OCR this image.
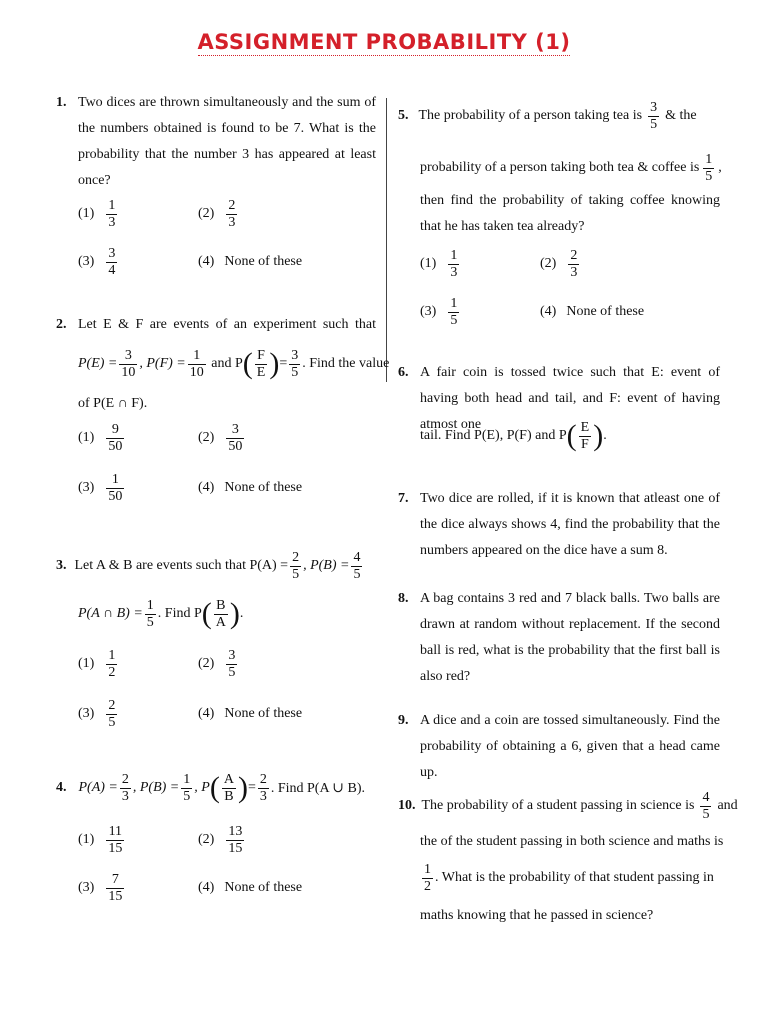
ASSIGNMENT PROBABILITY (1)
1. Two dices are thrown simultaneously and the sum of the numbers obtained is found to be 7. What is the probability that the number 3 has appeared at least once?
$(1) \frac{1}{3}$	$(2) \frac{2}{3}$
$(3) \frac{3}{4}$	(4) None of these
2. Let E & F are events of an experiment such that
$P(E) = \frac{3}{10}$ , $P(F) = \frac{1}{10}$
and P ( $\frac{F}{E}$ ) = $\frac{3}{5}$ . Find the value
of P(E ∩ F).
$(1) \frac{9}{50}$	$(2) \frac{3}{50}$
$(3) \frac{1}{50}$	(4) None of these
3. Let A & B are events such that $P(A) = \frac{2}{5}$ , $P(B) = \frac{4}{5}$
P(A ∩ $B) = \frac{1}{5}$ . Find P ( $\frac{B}{A}$ ) .
$(1) \frac{1}{2}$	$(2) \frac{3}{5}$
$(3) \frac{2}{5}$	(4) None of these
4. $P(A) = \frac{2}{3}$ , $P(B) = \frac{1}{5}$ , P ( $\frac{A}{B}$ ) = $\frac{2}{3}$ . Find P(A ∪ B).
$(1) \frac{11}{15}$	$(2) \frac{13}{15}$
$(3) \frac{7}{15}$	(4) None of these
5. The probability of a person taking tea is $\frac{3}{5}$ & the
probability of a person taking both tea & coffee is $\frac{1}{5}$ ,
then find the probability of taking coffee knowing that he has taken tea already?
$(1) \frac{1}{3}$	$(2) \frac{2}{3}$
$(3) \frac{1}{5}$	(4) None of these
6. A fair coin is tossed twice such that E: event of having both head and tail, and F: event of having atmost one
tail. Find P(E), P(F) and P ( $\frac{E}{F}$ ) .
7. Two dice are rolled, if it is known that atleast one of the dice always shows 4, find the probability that the numbers appeared on the dice have a sum 8.
8. A bag contains 3 red and 7 black balls. Two balls are drawn at random without replacement. If the second ball is red, what is the probability that the first ball is also red?
9. A dice and a coin are tossed simultaneously. Find the probability of obtaining a 6, given that a head came up.
10. The probability of a student passing in science is $\frac{4}{5}$ and
the of the student passing in both science and maths is
$\frac{1}{2}$ . What is the probability of that student passing in
maths knowing that he passed in science?
